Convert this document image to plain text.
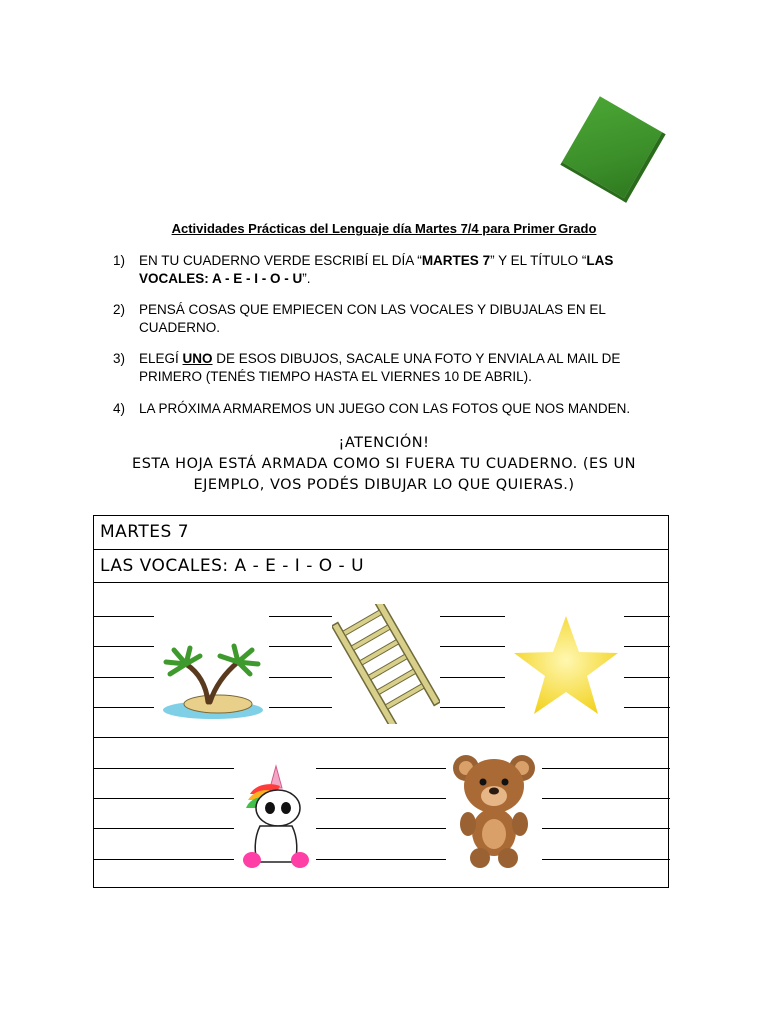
Actividades Prácticas del Lenguaje día Martes 7/4 para Primer Grado
1) EN TU CUADERNO VERDE ESCRIBÍ EL DÍA “MARTES 7” Y EL TÍTULO “LAS VOCALES: A - E - I - O - U”.
2) PENSÁ COSAS QUE EMPIECEN CON LAS VOCALES Y DIBUJALAS EN EL CUADERNO.
3) ELEGÍ UNO DE ESOS DIBUJOS, SACALE UNA FOTO Y ENVIALA AL MAIL DE PRIMERO (TENÉS TIEMPO HASTA EL VIERNES 10 DE ABRIL).
4) LA PRÓXIMA ARMAREMOS UN JUEGO CON LAS FOTOS QUE NOS MANDEN.
¡ATENCIÓN!
ESTA HOJA ESTÁ ARMADA COMO SI FUERA TU CUADERNO. (ES UN EJEMPLO, VOS PODÉS DIBUJAR LO QUE QUIERAS.)
MARTES 7
LAS VOCALES: A - E - I - O - U
